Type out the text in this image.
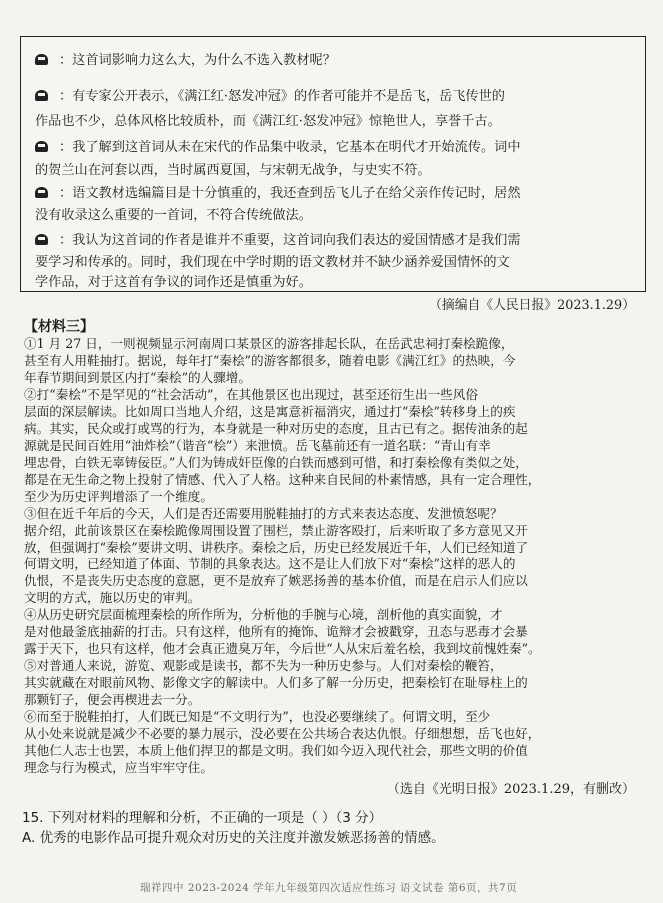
：这首词影响力这么大，为什么不选入教材呢？
：有专家公开表示，《满江红·怒发冲冠》的作者可能并不是岳飞，岳飞传世的
作品也不少，总体风格比较质朴，而《满江红·怒发冲冠》惊艳世人，享誉千古。
：我了解到这首词从未在宋代的作品集中收录，它基本在明代才开始流传。词中
的贺兰山在河套以西，当时属西夏国，与宋朝无战争，与史实不符。
：语文教材选编篇目是十分慎重的，我还查到岳飞儿子在给父亲作传记时，居然
没有收录这么重要的一首词，不符合传统做法。
：我认为这首词的作者是谁并不重要，这首词向我们表达的爱国情感才是我们需
要学习和传承的。同时，我们现在中学时期的语文教材并不缺少涵养爱国情怀的文
学作品，对于这首有争议的词作还是慎重为好。
（摘编自《人民日报》2023.1.29）
【材料三】
①1 月 27 日，一则视频显示河南周口某景区的游客排起长队，在岳武忠祠打秦桧跪像，
甚至有人用鞋抽打。据说，每年打“秦桧”的游客都很多，随着电影《满江红》的热映，今
年春节期间到景区内打“秦桧”的人骤增。
②打“秦桧”不是罕见的“社会活动”，在其他景区也出现过，甚至还衍生出一些风俗
层面的深层解读。比如周口当地人介绍，这是寓意祈福消灾，通过打“秦桧”转移身上的疾
病。其实，民众或打或骂的行为，本身就是一种对历史的态度，且古已有之。据传油条的起
源就是民间百姓用“油炸桧”（谐音“桧”）来泄愤。岳飞墓前还有一道名联：“青山有幸
埋忠骨，白铁无辜铸佞臣。”人们为铸成奸臣像的白铁而感到可惜，和打秦桧像有类似之处，
都是在无生命之物上投射了情感、代入了人格。这种来自民间的朴素情感，具有一定合理性，
至少为历史评判增添了一个维度。
③但在近千年后的今天，人们是否还需要用脱鞋抽打的方式来表达态度、发泄愤怒呢？
据介绍，此前该景区在秦桧跪像周围设置了围栏，禁止游客殴打，后来听取了多方意见又开
放，但强调打“秦桧”要讲文明、讲秩序。秦桧之后，历史已经发展近千年，人们已经知道了
何谓文明，已经知道了体面、节制的具象表达。这不是让人们放下对“秦桧”这样的恶人的
仇恨，不是丧失历史态度的意愿，更不是放弃了嫉恶扬善的基本价值，而是在启示人们应以
文明的方式，施以历史的审判。
④从历史研究层面梳理秦桧的所作所为，分析他的手腕与心境，剖析他的真实面貌，才
是对他最釜底抽薪的打击。只有这样，他所有的掩饰、诡辩才会被戳穿，丑态与恶毒才会暴
露于天下，也只有这样，他才会真正遗臭万年，今后世“人从宋后羞名桧，我到坟前愧姓秦”。
⑤对普通人来说，游览、观影或是读书，都不失为一种历史参与。人们对秦桧的鞭笞，
其实就藏在对眼前风物、影像文字的解读中。人们多了解一分历史，把秦桧钉在耻辱柱上的
那颗钉子，便会再楔进去一分。
⑥而至于脱鞋拍打，人们既已知是“不文明行为”，也没必要继续了。何谓文明，至少
从小处来说就是减少不必要的暴力展示，没必要在公共场合表达仇恨。仔细想想，岳飞也好，
其他仁人志士也罢，本质上他们捍卫的都是文明。我们如今迈入现代社会，那些文明的价值
理念与行为模式，应当牢牢守住。
（选自《光明日报》2023.1.29，有删改）
15. 下列对材料的理解和分析，不正确的一项是（ ）（3 分）
A. 优秀的电影作品可提升观众对历史的关注度并激发嫉恶扬善的情感。
瑞祥四中 2023-2024 学年九年级第四次适应性练习 语文试卷 第6页，共7页
